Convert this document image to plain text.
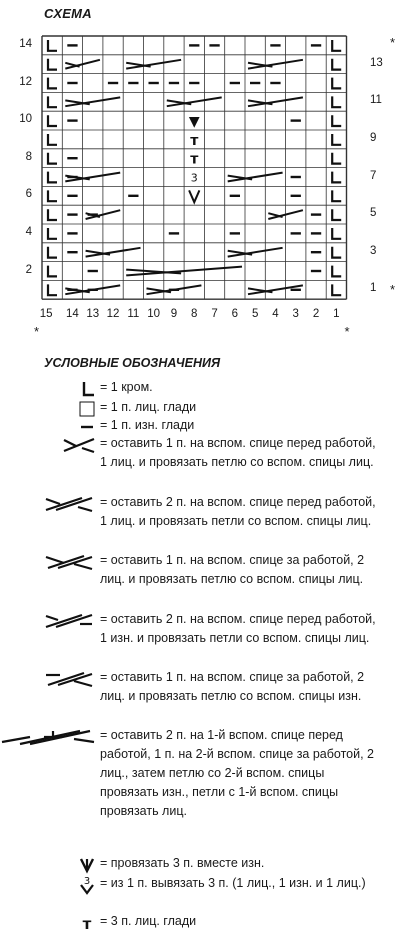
СХЕМА
▼
т
т
3
14
12
10
8
6
4
2
13
11
9
7
5
3
1
15	14 13 12 11 10 9	8	7	6	5	4	3	2	1
*	*
УСЛОВНЫЕ ОБОЗНАЧЕНИЯ
= 1 кром.
= 1 п. лиц. глади
= 1 п. изн. глади
= оставить 1 п. на вспом. спице перед работой, 1 лиц. и провязать петлю со вспом. спицы лиц.
= оставить 2 п. на вспом. спице перед работой, 1 лиц. и провязать петли со вспом. спицы лиц.
= оставить 1 п. на вспом. спице за работой, 2 лиц. и провязать петлю со вспом. спицы лиц.
= оставить 2 п. на вспом. спице перед работой, 1 изн. и провязать петли со вспом. спицы лиц.
= оставить 1 п. на вспом. спице за работой, 2 лиц. и провязать петлю со вспом. спицы изн.
= оставить 2 п. на 1-й вспом. спице перед работой, 1 п. на 2-й вспом. спице за работой, 2 лиц., затем петлю со 2-й вспом. спицы провязать изн., петли с 1-й вспом. спицы провязать лиц.
= провязать 3 п. вместе изн.
3 = из 1 п. вывязать 3 п. (1 лиц., 1 изн. и 1 лиц.)
т = 3 п. лиц. глади
*
*
